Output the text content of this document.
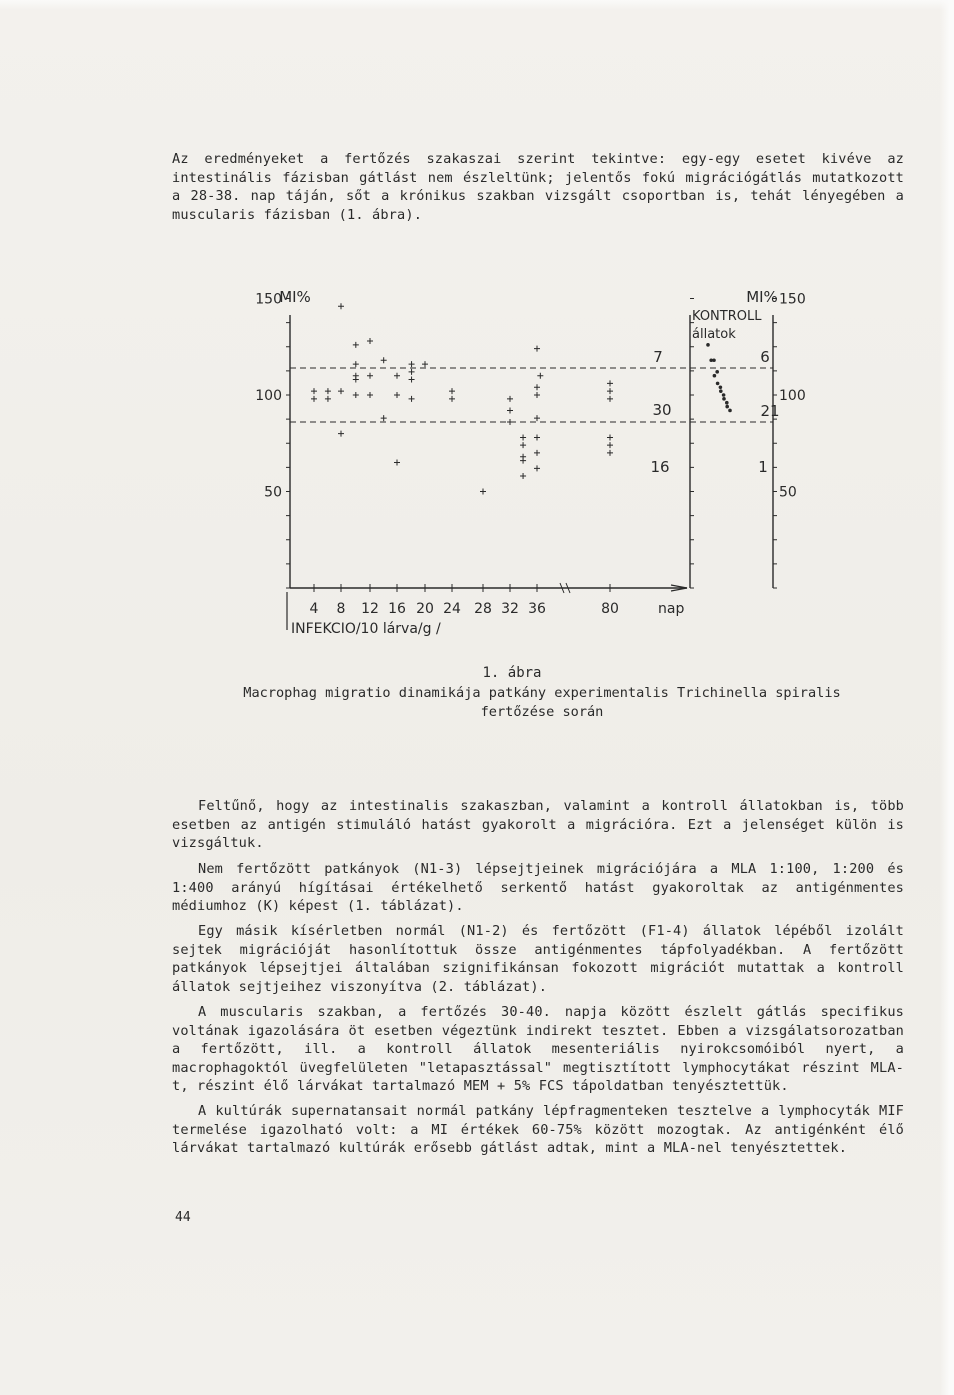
Az eredményeket a fertőzés szakaszai szerint tekintve: egy-egy esetet kivéve az intestinális fázisban gátlást nem észleltünk; jelentős fokú migrációgátlás mutatkozott a 28-38. nap táján, sőt a krónikus szakban vizsgált csoportban is, tehát lényegében a muscularis fázisban (1. ábra).
4 8 12 16 20 24 28 32 36	80	nap
INFEKCIO/10 lárva/g /
50
100
150
MI%
50
100
150
MI%
KONTROLL
állatok
7
30
16
6
21
1
1. ábra
Macrophag migratio dinamikája patkány experimentalis Trichinella spiralis fertőzése során
Feltűnő, hogy az intestinalis szakaszban, valamint a kontroll állatokban is, több esetben az antigén stimuláló hatást gyakorolt a migrációra. Ezt a jelenséget külön is vizsgáltuk.
Nem fertőzött patkányok (N1-3) lépsejtjeinek migrációjára a MLA 1:100, 1:200 és 1:400 arányú hígításai értékelhető serkentő hatást gyakoroltak az antigénmentes médiumhoz (K) képest (1. táblázat).
Egy másik kísérletben normál (N1-2) és fertőzött (F1-4) állatok lépéből izolált sejtek migrációját hasonlítottuk össze antigénmentes tápfolyadékban. A fertőzött patkányok lépsejtjei általában szignifikánsan fokozott migrációt mutattak a kontroll állatok sejtjeihez viszonyítva (2. táblázat).
A muscularis szakban, a fertőzés 30-40. napja között észlelt gátlás specifikus voltának igazolására öt esetben végeztünk indirekt tesztet. Ebben a vizsgálatsorozatban a fertőzött, ill. a kontroll állatok mesenteriális nyirokcsomóiból nyert, a macrophagoktól üvegfelületen "letapasztással" megtisztított lymphocytákat részint MLA-t, részint élő lárvákat tartalmazó MEM + 5% FCS tápoldatban tenyésztettük.
A kultúrák supernatansait normál patkány lépfragmenteken tesztelve a lymphocyták MIF termelése igazolható volt: a MI értékek 60-75% között mozogtak. Az antigénként élő lárvákat tartalmazó kultúrák erősebb gátlást adtak, mint a MLA-nel tenyésztettek.
44
